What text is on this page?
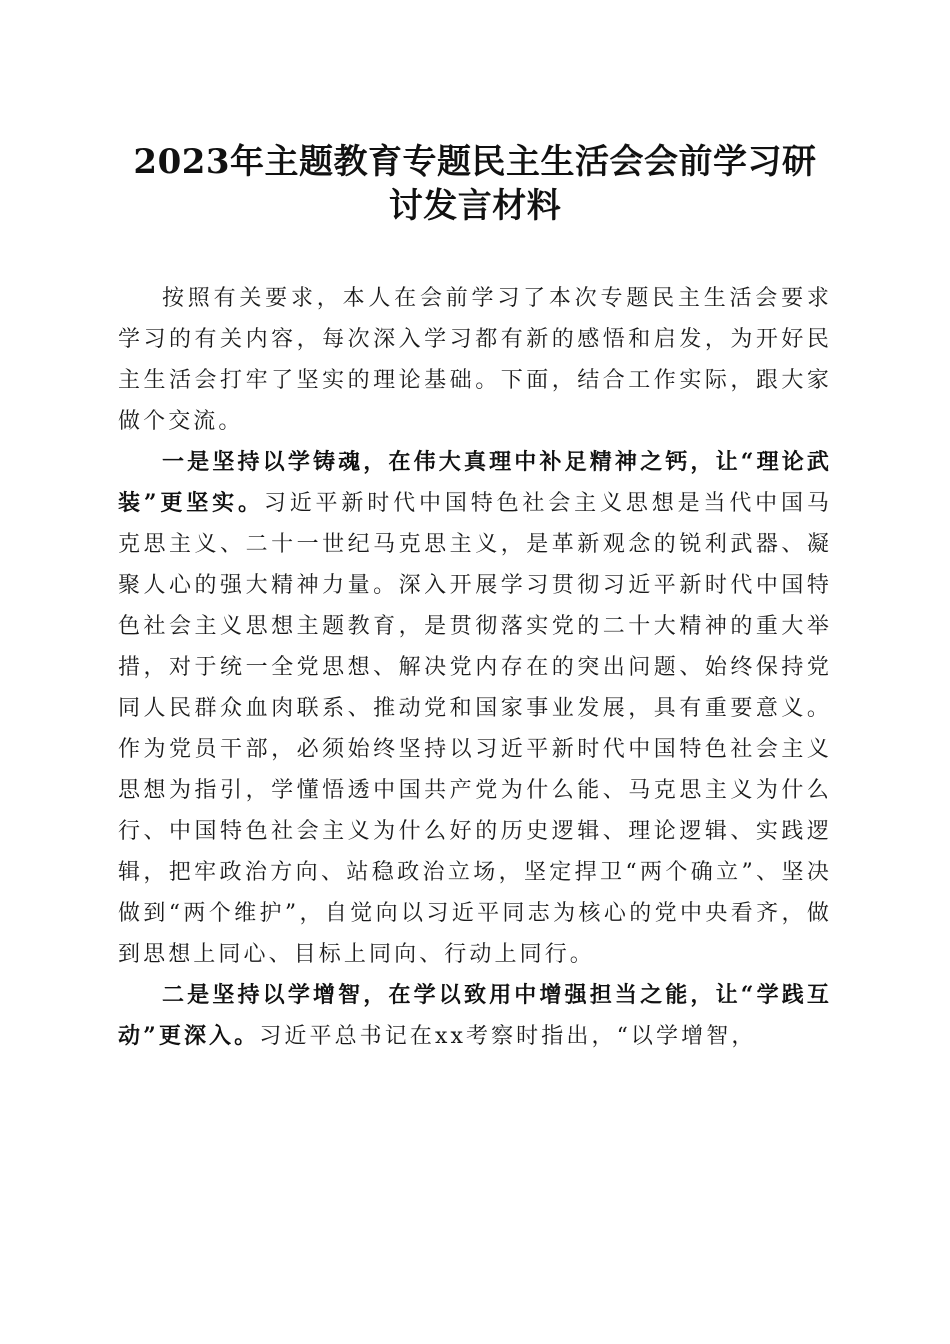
2023年主题教育专题民主生活会会前学习研讨发言材料

按照有关要求，本人在会前学习了本次专题民主生活会要求学习的有关内容，每次深入学习都有新的感悟和启发，为开好民主生活会打牢了坚实的理论基础。下面，结合工作实际，跟大家做个交流。

一是坚持以学铸魂，在伟大真理中补足精神之钙，让“理论武装”更坚实。习近平新时代中国特色社会主义思想是当代中国马克思主义、二十一世纪马克思主义，是革新观念的锐利武器、凝聚人心的强大精神力量。深入开展学习贯彻习近平新时代中国特色社会主义思想主题教育，是贯彻落实党的二十大精神的重大举措，对于统一全党思想、解决党内存在的突出问题、始终保持党同人民群众血肉联系、推动党和国家事业发展，具有重要意义。作为党员干部，必须始终坚持以习近平新时代中国特色社会主义思想为指引，学懂悟透中国共产党为什么能、马克思主义为什么行、中国特色社会主义为什么好的历史逻辑、理论逻辑、实践逻辑，把牢政治方向、站稳政治立场，坚定捍卫“两个确立”、坚决做到“两个维护”，自觉向以习近平同志为核心的党中央看齐，做到思想上同心、目标上同向、行动上同行。

二是坚持以学增智，在学以致用中增强担当之能，让“学践互动”更深入。习近平总书记在xx考察时指出，“以学增智，
